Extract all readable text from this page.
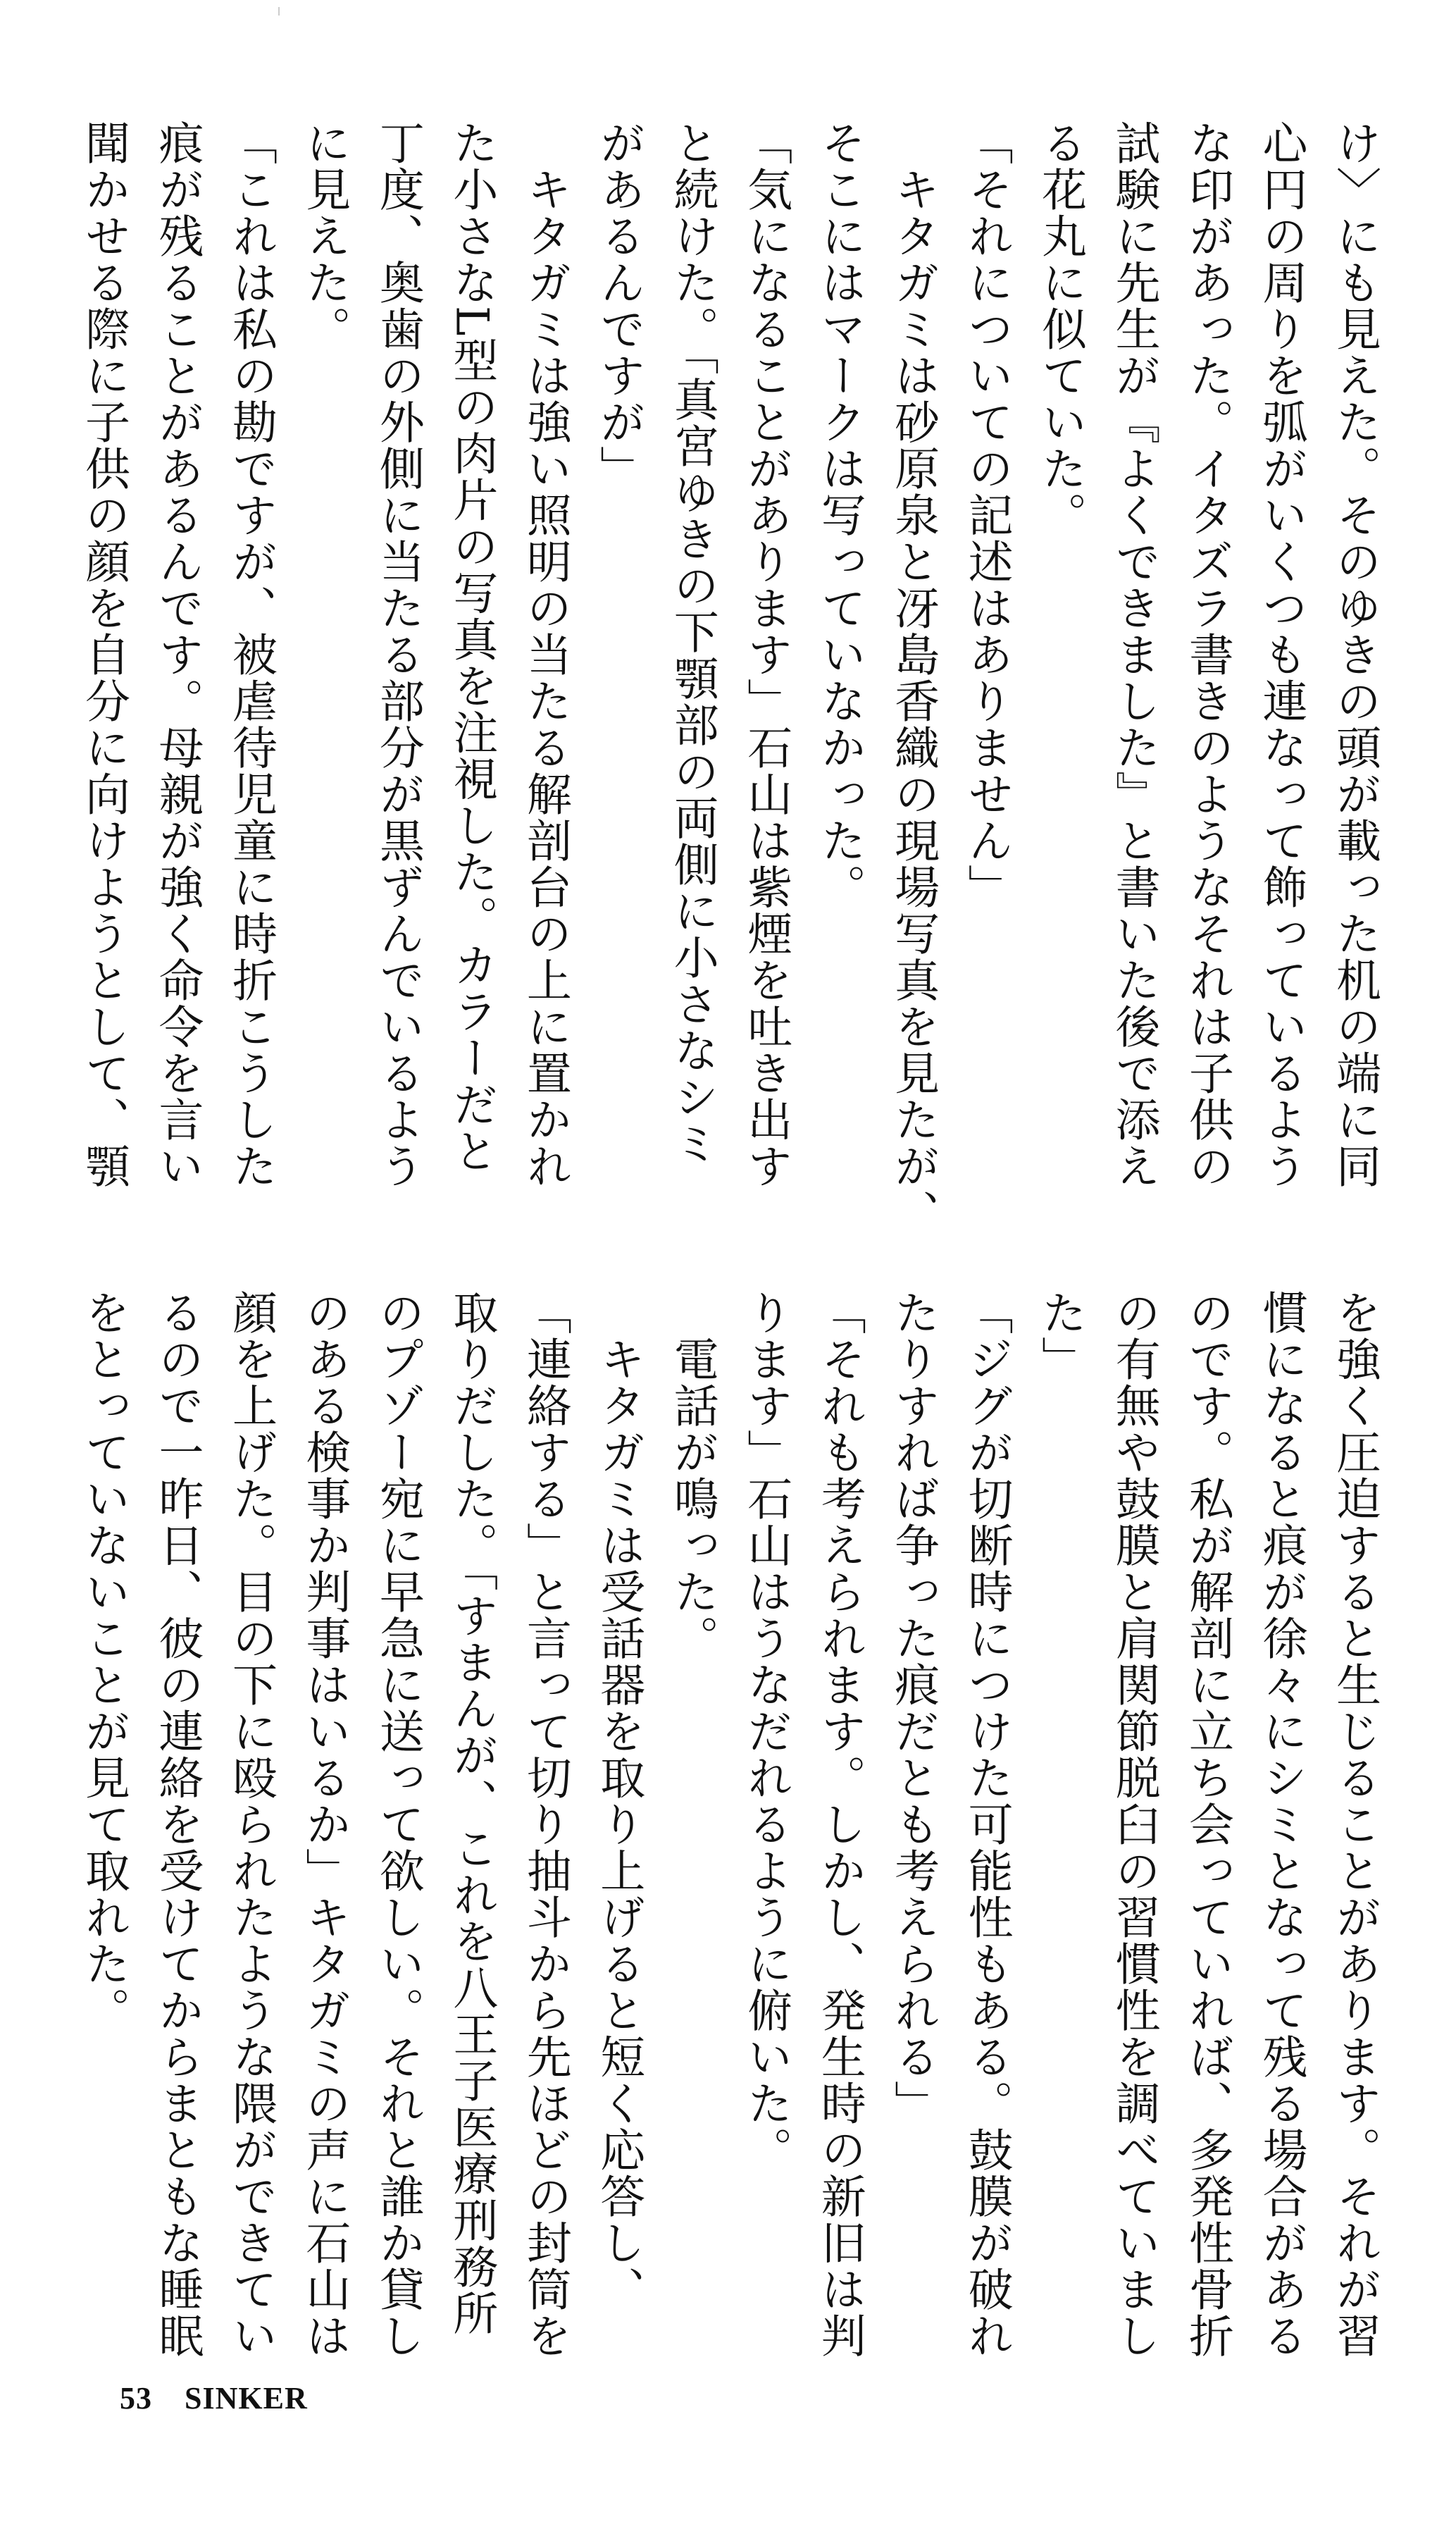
け〉にも見えた。そのゆきの頭が載った机の端に同
心円の周りを弧がいくつも連なって飾っているよう
な印があった。イタズラ書きのようなそれは子供の
試験に先生が『よくできました』と書いた後で添え
る花丸に似ていた。
「それについての記述はありません」
　キタガミは砂原泉と冴島香織の現場写真を見たが、
そこにはマークは写っていなかった。
「気になることがあります」石山は紫煙を吐き出す
と続けた。「真宮ゆきの下顎部の両側に小さなシミ
があるんですが」
　キタガミは強い照明の当たる解剖台の上に置かれ
た小さなL型の肉片の写真を注視した。カラーだと
丁度、奥歯の外側に当たる部分が黒ずんでいるよう
に見えた。
「これは私の勘ですが、被虐待児童に時折こうした
痕が残ることがあるんです。母親が強く命令を言い
聞かせる際に子供の顔を自分に向けようとして、顎
を強く圧迫すると生じることがあります。それが習
慣になると痕が徐々にシミとなって残る場合がある
のです。私が解剖に立ち会っていれば、多発性骨折
の有無や鼓膜と肩関節脱臼の習慣性を調べていまし
た」
「ジグが切断時につけた可能性もある。鼓膜が破れ
たりすれば争った痕だとも考えられる」
「それも考えられます。しかし、発生時の新旧は判
ります」石山はうなだれるように俯いた。
　電話が鳴った。
　キタガミは受話器を取り上げると短く応答し、
「連絡する」と言って切り抽斗から先ほどの封筒を
取りだした。「すまんが、これを八王子医療刑務所
のプゾー宛に早急に送って欲しい。それと誰か貸し
のある検事か判事はいるか」キタガミの声に石山は
顔を上げた。目の下に殴られたような隈ができてい
るので一昨日、彼の連絡を受けてからまともな睡眠
をとっていないことが見て取れた。
53 SINKER
